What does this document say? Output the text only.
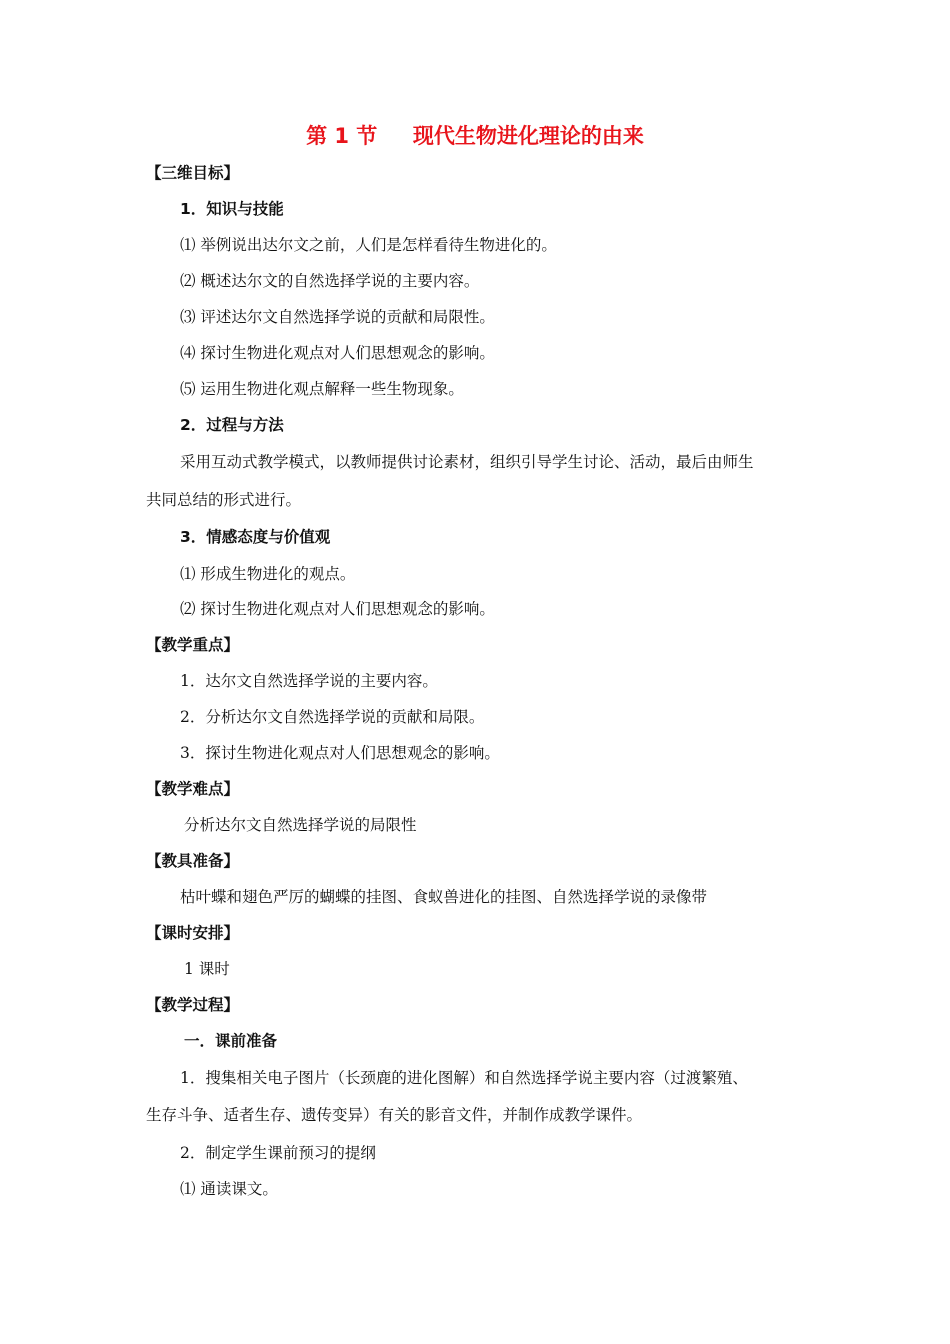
第 1 节　  现代生物进化理论的由来
【三维目标】
1．知识与技能
⑴ 举例说出达尔文之前，人们是怎样看待生物进化的。
⑵ 概述达尔文的自然选择学说的主要内容。
⑶ 评述达尔文自然选择学说的贡献和局限性。
⑷ 探讨生物进化观点对人们思想观念的影响。
⑸ 运用生物进化观点解释一些生物现象。
2．过程与方法
采用互动式教学模式，以教师提供讨论素材，组织引导学生讨论、活动，最后由师生
共同总结的形式进行。
3．情感态度与价值观
⑴ 形成生物进化的观点。
⑵ 探讨生物进化观点对人们思想观念的影响。
【教学重点】
1．达尔文自然选择学说的主要内容。
2．分析达尔文自然选择学说的贡献和局限。
3．探讨生物进化观点对人们思想观念的影响。
【教学难点】
分析达尔文自然选择学说的局限性
【教具准备】
枯叶蝶和翅色严厉的蝴蝶的挂图、食蚁兽进化的挂图、自然选择学说的录像带
【课时安排】
1 课时
【教学过程】
一．课前准备
1．搜集相关电子图片（长颈鹿的进化图解）和自然选择学说主要内容（过渡繁殖、
生存斗争、适者生存、遗传变异）有关的影音文件，并制作成教学课件。
2．制定学生课前预习的提纲
⑴ 通读课文。
